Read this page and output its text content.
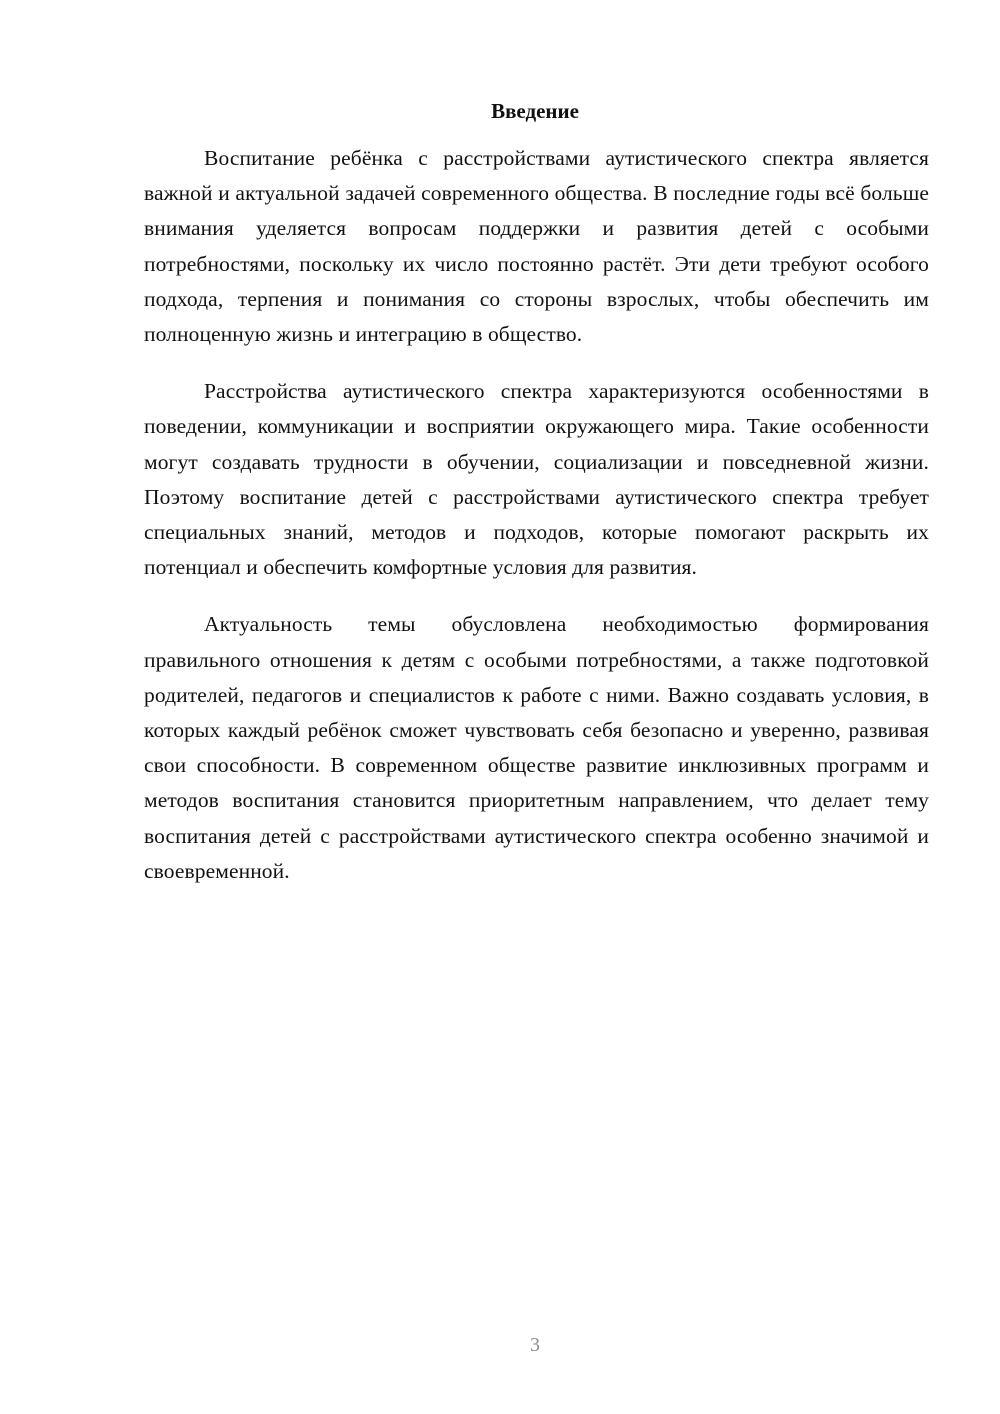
Введение

Воспитание ребёнка с расстройствами аутистического спектра является важной и актуальной задачей современного общества. В последние годы всё больше внимания уделяется вопросам поддержки и развития детей с особыми потребностями, поскольку их число постоянно растёт. Эти дети требуют особого подхода, терпения и понимания со стороны взрослых, чтобы обеспечить им полноценную жизнь и интеграцию в общество.

Расстройства аутистического спектра характеризуются особенностями в поведении, коммуникации и восприятии окружающего мира. Такие особенности могут создавать трудности в обучении, социализации и повседневной жизни. Поэтому воспитание детей с расстройствами аутистического спектра требует специальных знаний, методов и подходов, которые помогают раскрыть их потенциал и обеспечить комфортные условия для развития.

Актуальность темы обусловлена необходимостью формирования правильного отношения к детям с особыми потребностями, а также подготовкой родителей, педагогов и специалистов к работе с ними. Важно создавать условия, в которых каждый ребёнок сможет чувствовать себя безопасно и уверенно, развивая свои способности. В современном обществе развитие инклюзивных программ и методов воспитания становится приоритетным направлением, что делает тему воспитания детей с расстройствами аутистического спектра особенно значимой и своевременной.

3
